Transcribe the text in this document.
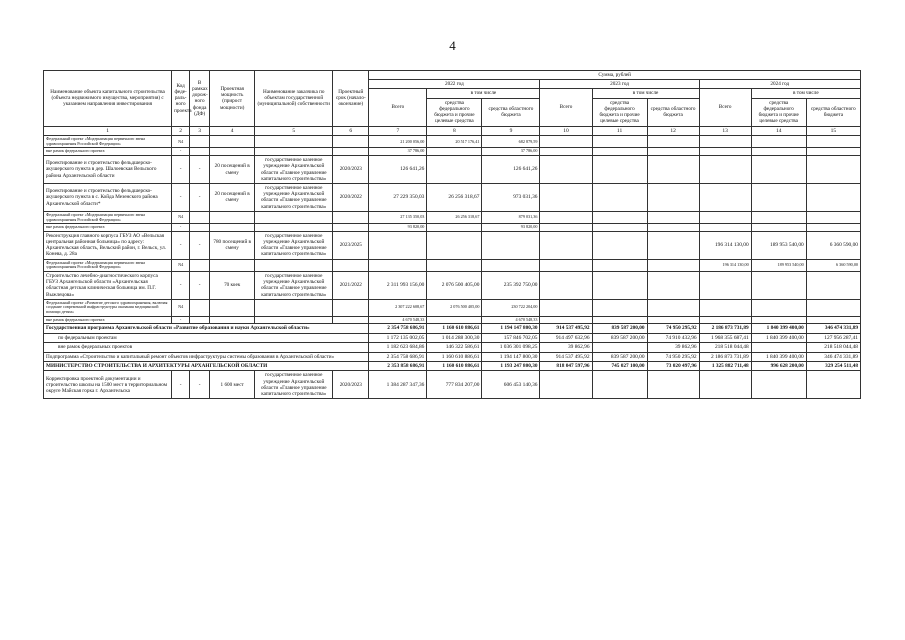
4
Наименование объекта капитального строительства (объекта недвижимого имущества, мероприятия) с указанием направления инвестирования	Код феде-раль-ного проекта	В рамках дорож-ного фонда (ДФ)	Проектная мощность (прирост мощности)	Наименование заказчика по объектам государственной (муниципальной) собственности	Проектный срок (начало-окончание)	Сумма, рублей								
						2022 год			2023 год			2024 год		
						Всего	в том числе		Всего	в том числе		Всего	в том числе	
							средства федерального бюджета и прочие целевые средства	средства областного бюджета		средства федерального бюджета и прочие целевые средства	средства областного бюджета		средства федерального бюджета и прочие целевые средства	средства областного бюджета
1	2	3	4	5	6	7	8	9	10	11	12	13	14	15
Федеральный проект «Модернизация первичного звена здравоохранения Российской Федерации»	N4					21 200 056,00	20 517 176,41	682 879,59						
вне рамок федерального проекта	-					37 786,00		37 786,00						
Проектирование и строительство фельдшерско-акушерского пункта в дер. Шалоевская Вельского района Архангельской области	-	-	20 посещений в смену	государственное казенное учреждение Архангельской области «Главное управление капитального строительства»	2020/2023	126 641,26		126 641,26						
Проектирование и строительство фельдшерско-акушерского пункта в с. Койда Мезенского района Архангельской области*	-	-	20 посещений в смену	государственное казенное учреждение Архангельской области «Главное управление капитального строительства»	2020/2022	27 229 350,03	26 256 318,67	973 031,36						
Федеральный проект «Модернизация первичного звена здравоохранения Российской Федерации»	N4					27 135 350,03	26 256 318,67	879 031,36						
вне рамок федерального проекта	-					93 820,00		93 820,00						
Реконструкция главного корпуса ГБУЗ АО «Вельская центральная районная больница» по адресу: Архангельская область, Вельский район, г. Вельск, ул. Конева, д. 28а	-	-	780 посещений в смену	государственное казенное учреждение Архангельской области «Главное управление капитального строительства»	2023/2025							196 314 130,00	189 953 540,00	6 360 590,00
Федеральный проект «Модернизация первичного звена здравоохранения Российской Федерации»	N4											196 314 130,00	189 953 540,00	6 360 590,00
Строительство лечебно-диагностического корпуса ГБУЗ Архангельской области «Архангельская областная детская клиническая больница им. П.Г. Выжлецова»	-	-	70 коек	государственное казенное учреждение Архангельской области «Главное управление капитального строительства»	2021/2022	2 311 993 156,00	2 076 500 405,00	235 392 750,00						
Федеральный проект «Развитие детского здравоохранения, включая создание современной инфраструктуры оказания медицинской помощи детям»	N4					2 307 222 608,67	2 076 500 405,00	230 722 204,00						
вне рамок федерального проекта	-					4 670 548,33		4 670 548,33						
Государственная программа Архангельской области «Развитие образования и науки Архангельской области»						2 354 758 686,91	1 160 610 886,61	1 194 147 800,30	914 537 495,92	839 587 200,00	74 950 295,92	2 186 873 731,89	1 840 399 400,00	346 474 331,89
по федеральным проектам						1 172 135 002,05	1 014 288 300,30	157 846 702,05	914 497 632,96	839 587 200,00	74 910 432,96	1 968 355 687,41	1 840 399 400,00	127 956 287,41
вне рамок федеральных проектов						1 182 623 684,86	146 322 586,61	1 036 301 098,25	39 862,96		39 862,96	218 518 044,48		218 518 044,48
Подпрограмма «Строительство и капитальный ремонт объектов инфраструктуры системы образования в Архангельской области»						2 354 758 686,91	1 160 610 886,61	1 194 147 800,30	914 537 495,92	839 587 200,00	74 950 295,92	2 186 873 731,89	1 840 399 400,00	346 474 331,89
МИНИСТЕРСТВО СТРОИТЕЛЬСТВА И АРХИТЕКТУРЫ АРХАНГЕЛЬСКОЙ ОБЛАСТИ						2 353 858 686,91	1 160 610 886,61	1 193 247 800,30	818 047 597,96	745 027 100,00	73 020 497,96	1 325 882 711,48	996 628 200,00	329 254 511,48
Корректировка проектной документации и строительство школы на 1500 мест в территориальном округе Майская горка г. Архангельска	-	-	1 600 мест	государственное казенное учреждение Архангельской области «Главное управление капитального строительства»	2020/2023	1 384 287 347,36	777 834 207,00	606 453 140,36						
